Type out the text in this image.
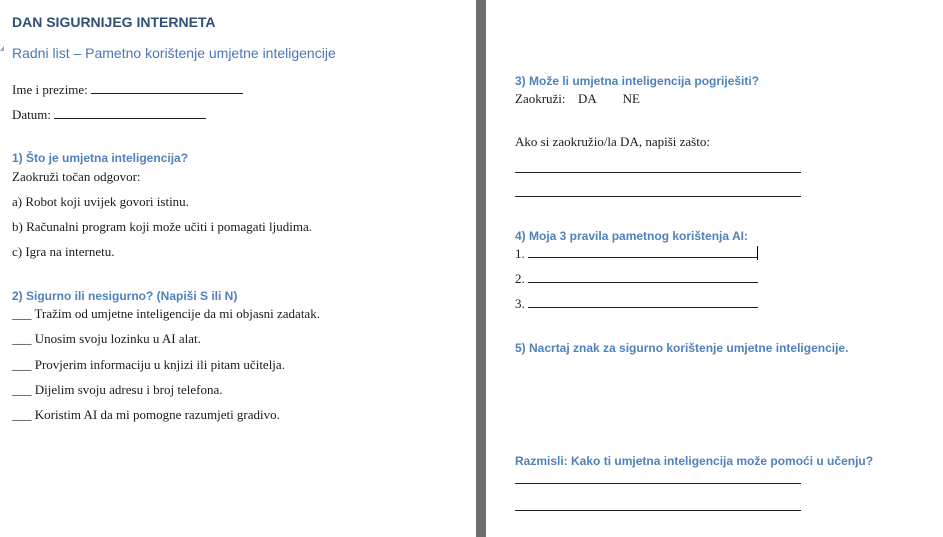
DAN SIGURNIJEG INTERNETA
Radni list – Pametno korištenje umjetne inteligencije
Ime i prezime:
Datum:
1) Što je umjetna inteligencija?
Zaokruži točan odgovor:
a) Robot koji uvijek govori istinu.
b) Računalni program koji može učiti i pomagati ljudima.
c) Igra na internetu.
2) Sigurno ili nesigurno? (Napiši S ili N)
___ Tražim od umjetne inteligencije da mi objasni zadatak.
___ Unosim svoju lozinku u AI alat.
___ Provjerim informaciju u knjizi ili pitam učitelja.
___ Dijelim svoju adresu i broj telefona.
___ Koristim AI da mi pomogne razumjeti gradivo.
3) Može li umjetna inteligencija pogriješiti?
Zaokruži: DA NE
Ako si zaokružio/la DA, napiši zašto:
4) Moja 3 pravila pametnog korištenja AI:
1.
2.
3.
5) Nacrtaj znak za sigurno korištenje umjetne inteligencije.
Razmisli: Kako ti umjetna inteligencija može pomoći u učenju?
